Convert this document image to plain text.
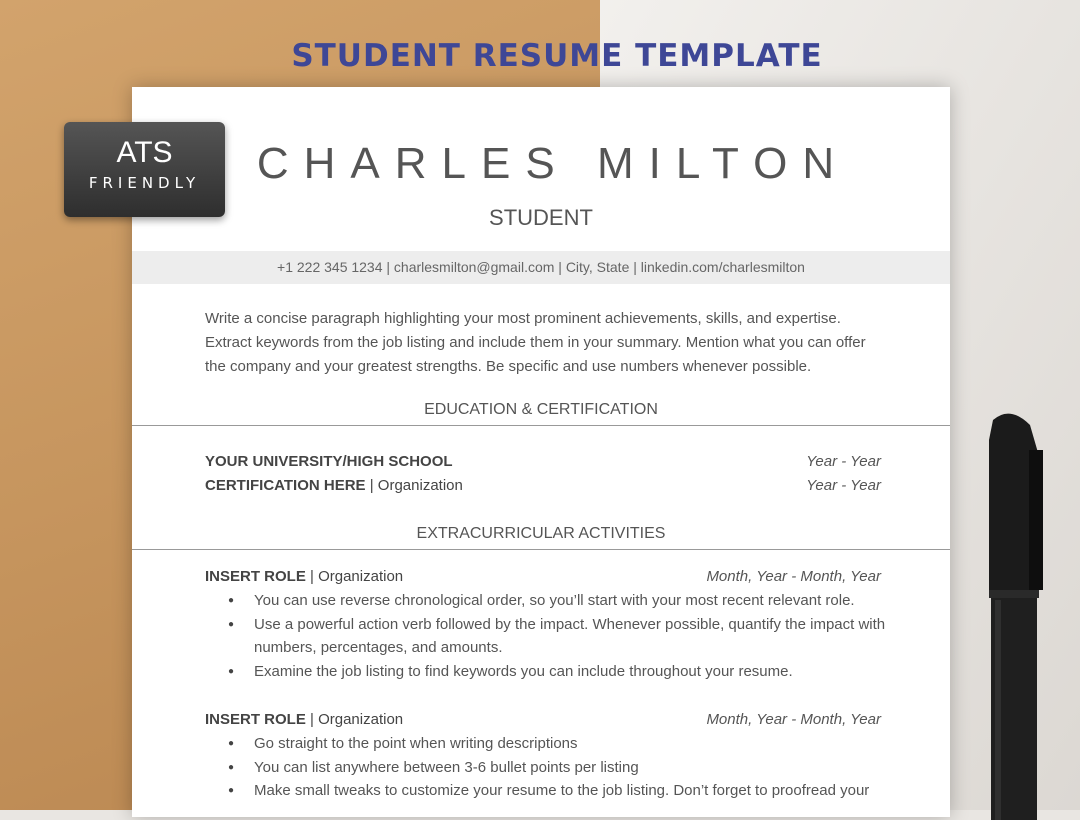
STUDENT RESUME TEMPLATE
CHARLES MILTON
STUDENT
+1 222 345 1234 | charlesmilton@gmail.com | City, State | linkedin.com/charlesmilton
Write a concise paragraph highlighting your most prominent achievements, skills, and expertise. Extract keywords from the job listing and include them in your summary. Mention what you can offer the company and your greatest strengths. Be specific and use numbers whenever possible.
EDUCATION & CERTIFICATION
YOUR UNIVERSITY/HIGH SCHOOL	Year - Year
CERTIFICATION HERE | Organization	Year - Year
EXTRACURRICULAR ACTIVITIES
INSERT ROLE | Organization	Month, Year - Month, Year
● You can use reverse chronological order, so you’ll start with your most recent relevant role.
● Use a powerful action verb followed by the impact. Whenever possible, quantify the impact with numbers, percentages, and amounts.
● Examine the job listing to find keywords you can include throughout your resume.
INSERT ROLE | Organization	Month, Year - Month, Year
● Go straight to the point when writing descriptions
● You can list anywhere between 3-6 bullet points per listing
● Make small tweaks to customize your resume to the job listing. Don’t forget to proofread your
ATS
FRIENDLY
